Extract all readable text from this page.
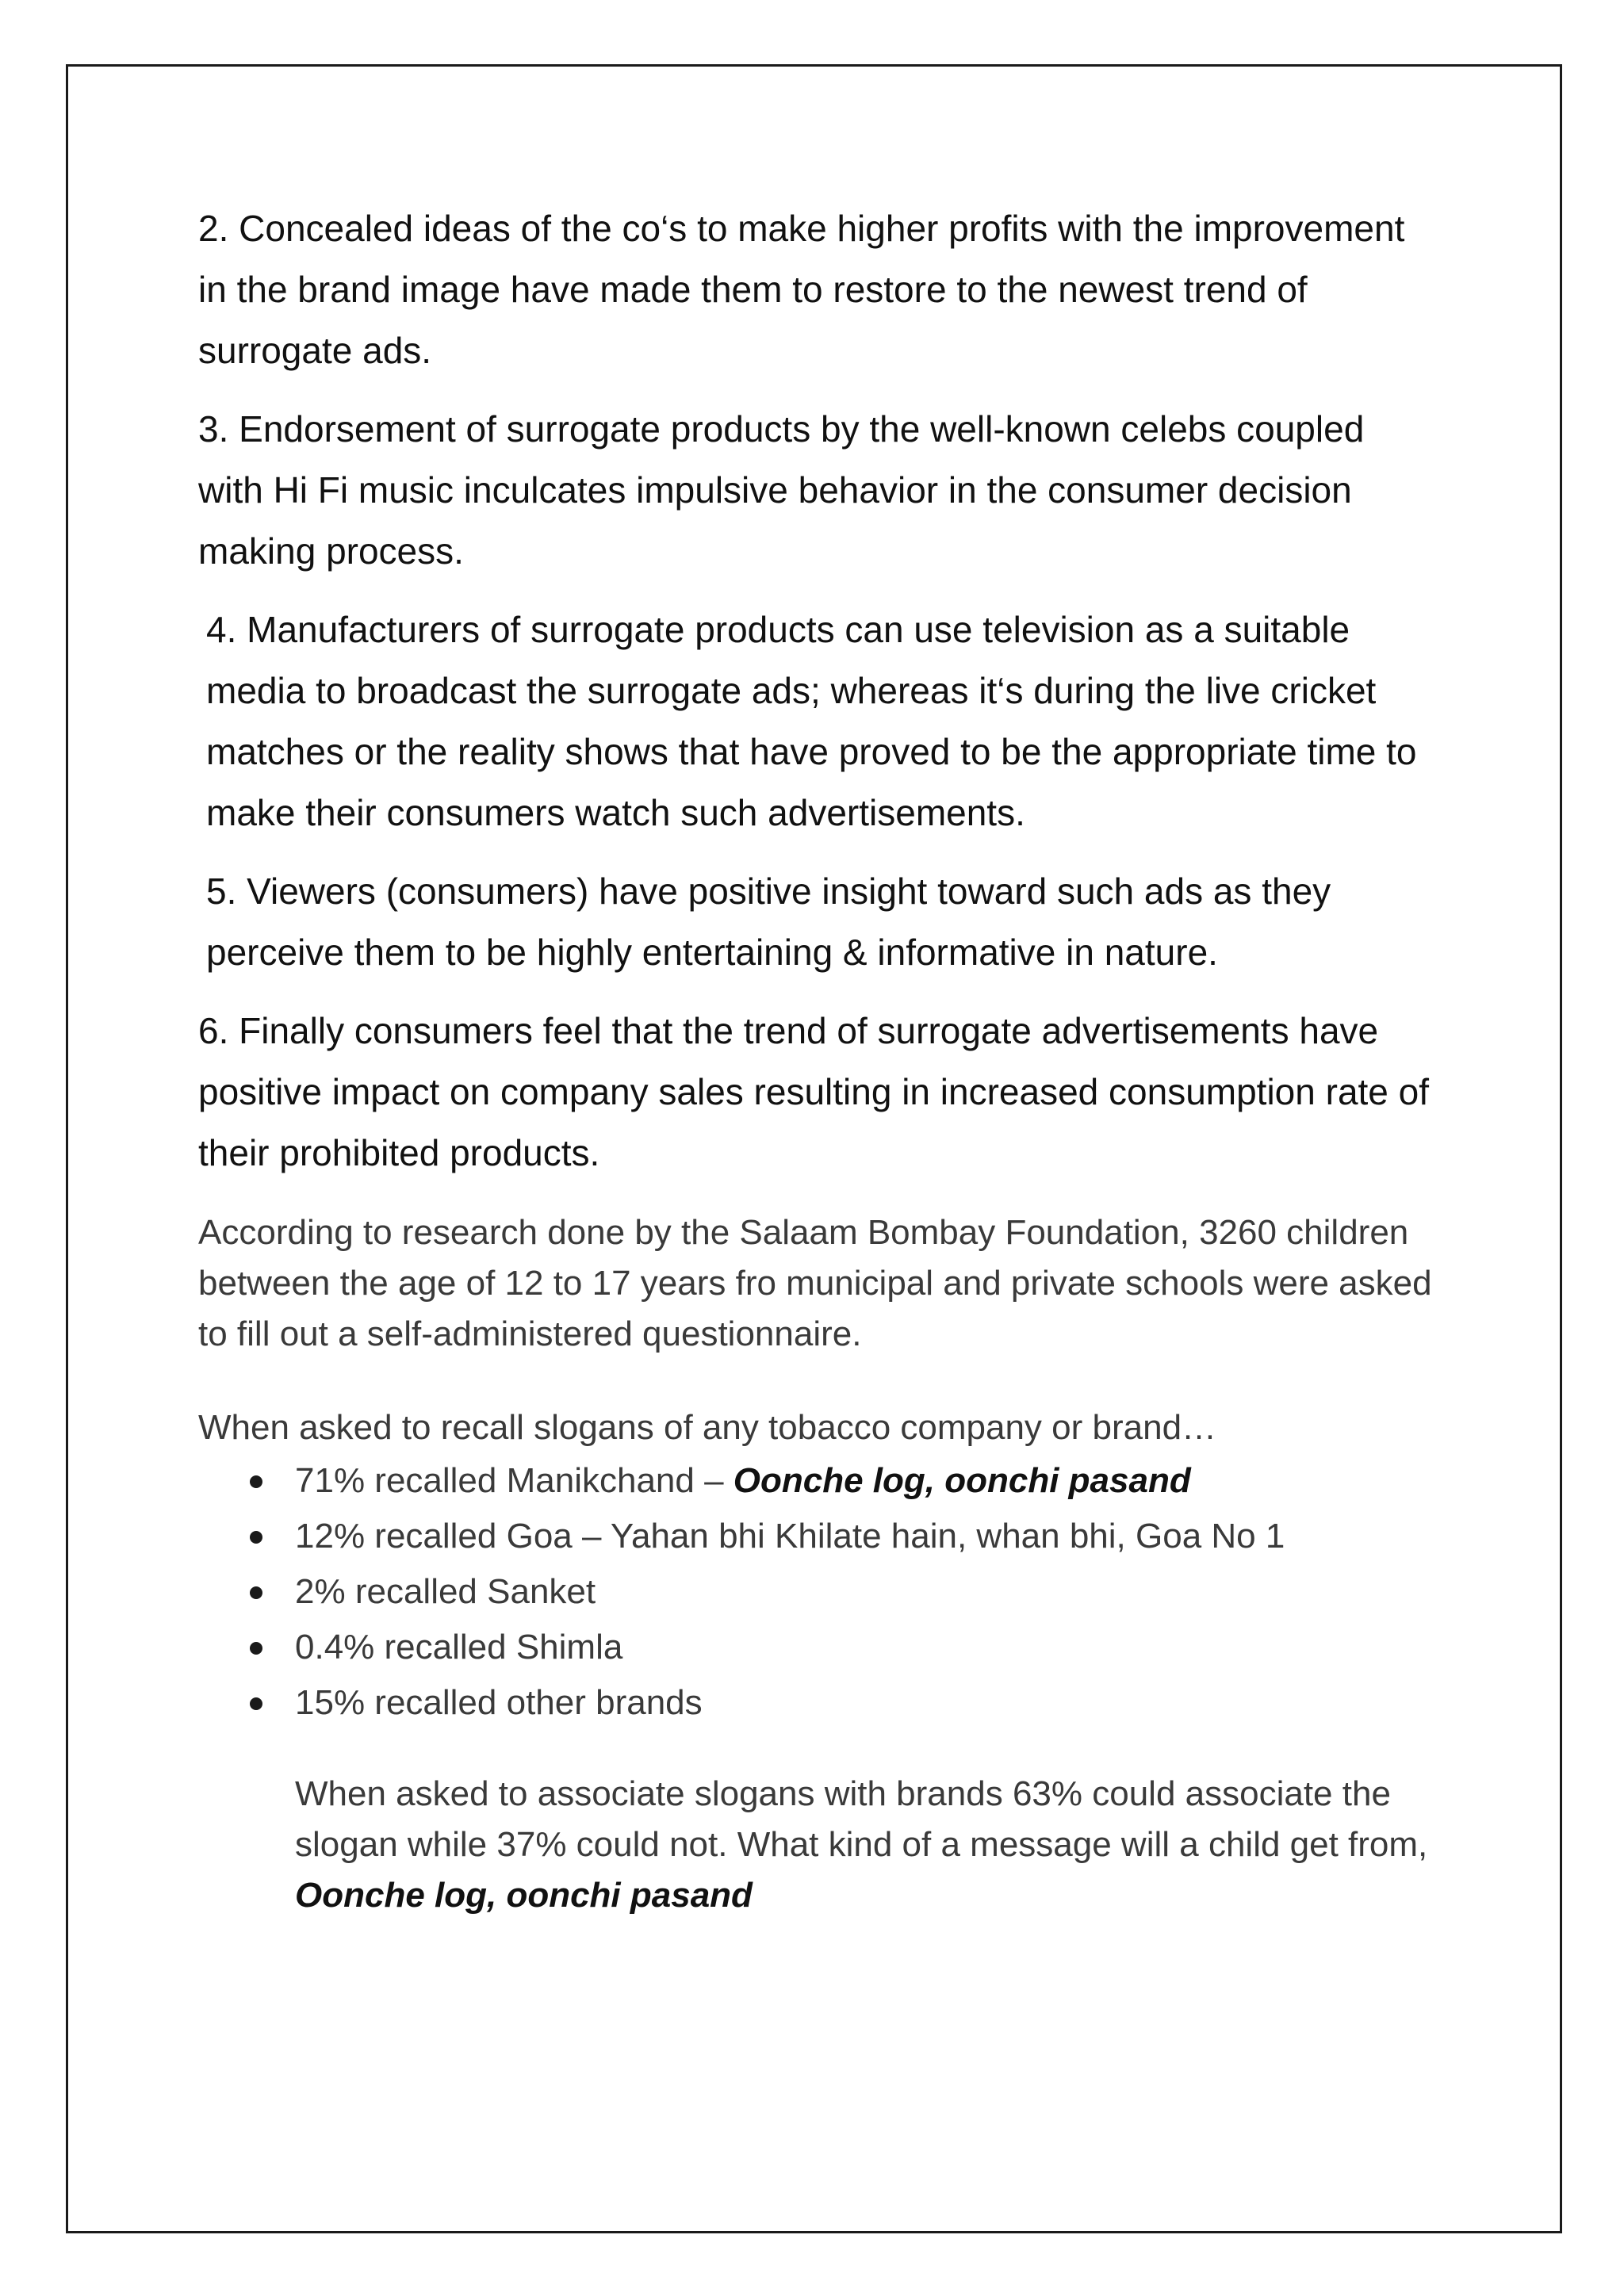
2. Concealed ideas of the co‘s to make higher profits with the improvement in the brand image have made them to restore to the newest trend of surrogate ads.

3. Endorsement of surrogate products by the well-known celebs coupled with Hi Fi music inculcates impulsive behavior in the consumer decision making process.

4. Manufacturers of surrogate products can use television as a suitable media to broadcast the surrogate ads; whereas it‘s during the live cricket matches or the reality shows that have proved to be the appropriate time to make their consumers watch such advertisements.

5. Viewers (consumers) have positive insight toward such ads as they perceive them to be highly entertaining & informative in nature.

6. Finally consumers feel that the trend of surrogate advertisements have positive impact on company sales resulting in increased consumption rate of their prohibited products.

According to research done by the Salaam Bombay Foundation, 3260 children between the age of 12 to 17 years fro municipal and private schools were asked to fill out a self-administered questionnaire.

When asked to recall slogans of any tobacco company or brand…

71% recalled Manikchand – Oonche log, oonchi pasand
12% recalled Goa – Yahan bhi Khilate hain, whan bhi, Goa No 1
2% recalled Sanket
0.4% recalled Shimla
15% recalled other brands

When asked to associate slogans with brands 63% could associate the slogan while 37% could not. What kind of a message will a child get from, Oonche log, oonchi pasand
